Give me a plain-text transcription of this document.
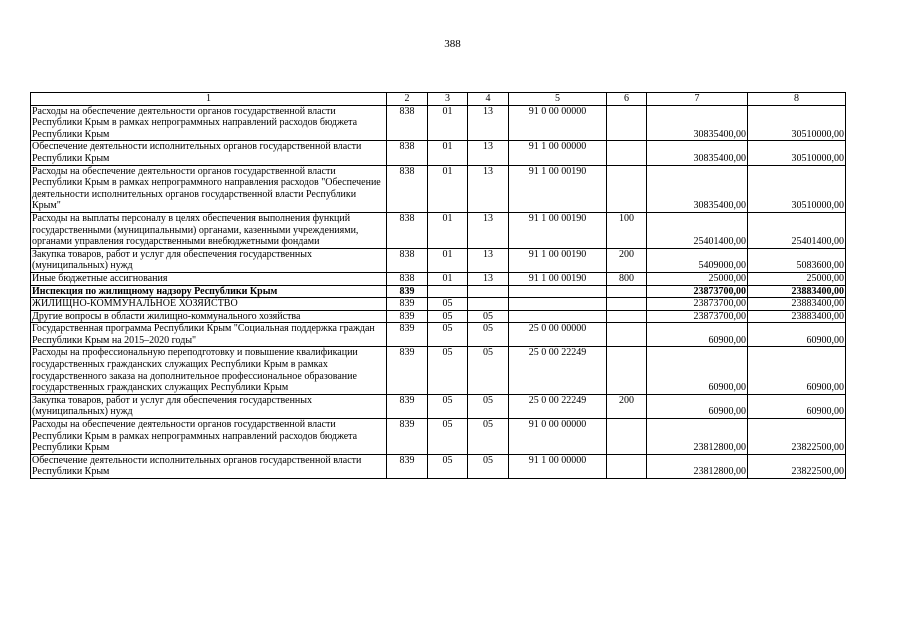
388
1	2	3	4	5	6	7	8
Расходы на обеспечение деятельности органов государственной власти Республики Крым в рамках непрограммных направлений расходов бюджета Республики Крым	838	01	13	91 0 00 00000		30835400,00	30510000,00
Обеспечение деятельности исполнительных органов государственной власти Республики Крым	838	01	13	91 1 00 00000		30835400,00	30510000,00
Расходы на обеспечение деятельности органов государственной власти Республики Крым в рамках непрограммного направления расходов "Обеспечение деятельности исполнительных органов государственной власти Республики Крым"	838	01	13	91 1 00 00190		30835400,00	30510000,00
Расходы на выплаты персоналу в целях обеспечения выполнения функций государственными (муниципальными) органами, казенными учреждениями, органами управления государственными внебюджетными фондами	838	01	13	91 1 00 00190	100	25401400,00	25401400,00
Закупка товаров, работ и услуг для обеспечения государственных (муниципальных) нужд	838	01	13	91 1 00 00190	200	5409000,00	5083600,00
Иные бюджетные ассигнования	838	01	13	91 1 00 00190	800	25000,00	25000,00
Инспекция по жилищному надзору Республики Крым	839					23873700,00	23883400,00
ЖИЛИЩНО-КОММУНАЛЬНОЕ ХОЗЯЙСТВО	839	05				23873700,00	23883400,00
Другие вопросы в области жилищно-коммунального хозяйства	839	05	05			23873700,00	23883400,00
Государственная программа Республики Крым "Социальная поддержка граждан Республики Крым на 2015–2020 годы"	839	05	05	25 0 00 00000		60900,00	60900,00
Расходы на профессиональную переподготовку и повышение квалификации государственных гражданских служащих Республики Крым в рамках государственного заказа на дополнительное профессиональное образование государственных гражданских служащих Республики Крым	839	05	05	25 0 00 22249		60900,00	60900,00
Закупка товаров, работ и услуг для обеспечения государственных (муниципальных) нужд	839	05	05	25 0 00 22249	200	60900,00	60900,00
Расходы на обеспечение деятельности органов государственной власти Республики Крым в рамках непрограммных направлений расходов бюджета Республики Крым	839	05	05	91 0 00 00000		23812800,00	23822500,00
Обеспечение деятельности исполнительных органов государственной власти Республики Крым	839	05	05	91 1 00 00000		23812800,00	23822500,00
